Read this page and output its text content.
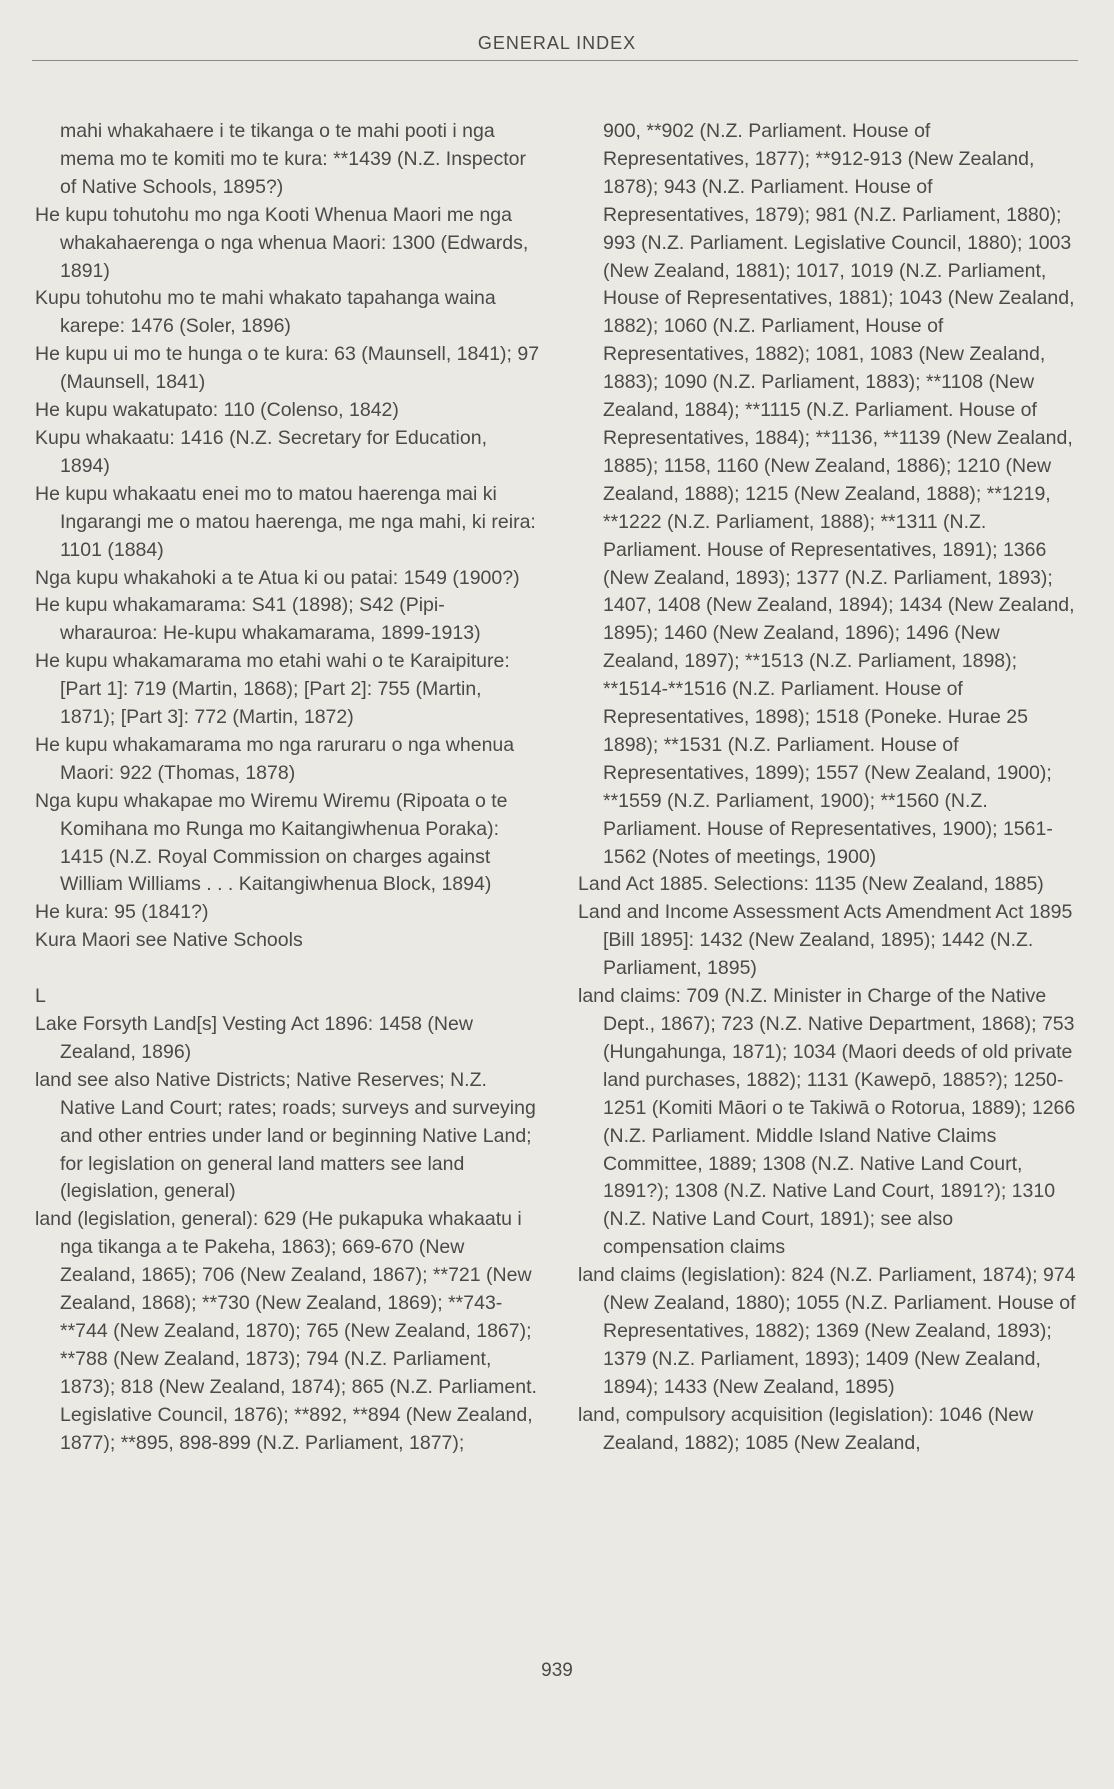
GENERAL INDEX

mahi whakahaere i te tikanga o te mahi pooti i nga mema mo te komiti mo te kura: **1439 (N.Z. Inspector of Native Schools, 1895?)

He kupu tohutohu mo nga Kooti Whenua Maori me nga whakahaerenga o nga whenua Maori: 1300 (Edwards, 1891)

Kupu tohutohu mo te mahi whakato tapahanga waina karepe: 1476 (Soler, 1896)

He kupu ui mo te hunga o te kura: 63 (Maunsell, 1841); 97 (Maunsell, 1841)

He kupu wakatupato: 110 (Colenso, 1842)

Kupu whakaatu: 1416 (N.Z. Secretary for Education, 1894)

He kupu whakaatu enei mo to matou haerenga mai ki Ingarangi me o matou haerenga, me nga mahi, ki reira: 1101 (1884)

Nga kupu whakahoki a te Atua ki ou patai: 1549 (1900?)

He kupu whakamarama: S41 (1898); S42 (Pipi-wharauroa: He-kupu whakamarama, 1899-1913)

He kupu whakamarama mo etahi wahi o te Karaipiture: [Part 1]: 719 (Martin, 1868); [Part 2]: 755 (Martin, 1871); [Part 3]: 772 (Martin, 1872)

He kupu whakamarama mo nga raruraru o nga whenua Maori: 922 (Thomas, 1878)

Nga kupu whakapae mo Wiremu Wiremu (Ripoata o te Komihana mo Runga mo Kaitangiwhenua Poraka): 1415 (N.Z. Royal Commission on charges against William Williams . . . Kaitangiwhenua Block, 1894)

He kura: 95 (1841?)

Kura Maori see Native Schools

L

Lake Forsyth Land[s] Vesting Act 1896: 1458 (New Zealand, 1896)

land see also Native Districts; Native Reserves; N.Z. Native Land Court; rates; roads; surveys and surveying and other entries under land or beginning Native Land; for legislation on general land matters see land (legislation, general)

land (legislation, general): 629 (He pukapuka whakaatu i nga tikanga a te Pakeha, 1863); 669-670 (New Zealand, 1865); 706 (New Zealand, 1867); **721 (New Zealand, 1868); **730 (New Zealand, 1869); **743-**744 (New Zealand, 1870); 765 (New Zealand, 1867); **788 (New Zealand, 1873); 794 (N.Z. Parliament, 1873); 818 (New Zealand, 1874); 865 (N.Z. Parliament. Legislative Council, 1876); **892, **894 (New Zealand, 1877); **895, 898-899 (N.Z. Parliament, 1877);

900, **902 (N.Z. Parliament. House of Representatives, 1877); **912-913 (New Zealand, 1878); 943 (N.Z. Parliament. House of Representatives, 1879); 981 (N.Z. Parliament, 1880); 993 (N.Z. Parliament. Legislative Council, 1880); 1003 (New Zealand, 1881); 1017, 1019 (N.Z. Parliament, House of Representatives, 1881); 1043 (New Zealand, 1882); 1060 (N.Z. Parliament, House of Representatives, 1882); 1081, 1083 (New Zealand, 1883); 1090 (N.Z. Parliament, 1883); **1108 (New Zealand, 1884); **1115 (N.Z. Parliament. House of Representatives, 1884); **1136, **1139 (New Zealand, 1885); 1158, 1160 (New Zealand, 1886); 1210 (New Zealand, 1888); 1215 (New Zealand, 1888); **1219, **1222 (N.Z. Parliament, 1888); **1311 (N.Z. Parliament. House of Representatives, 1891); 1366 (New Zealand, 1893); 1377 (N.Z. Parliament, 1893); 1407, 1408 (New Zealand, 1894); 1434 (New Zealand, 1895); 1460 (New Zealand, 1896); 1496 (New Zealand, 1897); **1513 (N.Z. Parliament, 1898); **1514-**1516 (N.Z. Parliament. House of Representatives, 1898); 1518 (Poneke. Hurae 25 1898); **1531 (N.Z. Parliament. House of Representatives, 1899); 1557 (New Zealand, 1900); **1559 (N.Z. Parliament, 1900); **1560 (N.Z. Parliament. House of Representatives, 1900); 1561-1562 (Notes of meetings, 1900)

Land Act 1885. Selections: 1135 (New Zealand, 1885)

Land and Income Assessment Acts Amendment Act 1895 [Bill 1895]: 1432 (New Zealand, 1895); 1442 (N.Z. Parliament, 1895)

land claims: 709 (N.Z. Minister in Charge of the Native Dept., 1867); 723 (N.Z. Native Department, 1868); 753 (Hungahunga, 1871); 1034 (Maori deeds of old private land purchases, 1882); 1131 (Kawepō, 1885?); 1250-1251 (Komiti Māori o te Takiwā o Rotorua, 1889); 1266 (N.Z. Parliament. Middle Island Native Claims Committee, 1889; 1308 (N.Z. Native Land Court, 1891?); 1308 (N.Z. Native Land Court, 1891?); 1310 (N.Z. Native Land Court, 1891); see also compensation claims

land claims (legislation): 824 (N.Z. Parliament, 1874); 974 (New Zealand, 1880); 1055 (N.Z. Parliament. House of Representatives, 1882); 1369 (New Zealand, 1893); 1379 (N.Z. Parliament, 1893); 1409 (New Zealand, 1894); 1433 (New Zealand, 1895)

land, compulsory acquisition (legislation): 1046 (New Zealand, 1882); 1085 (New Zealand,

939
